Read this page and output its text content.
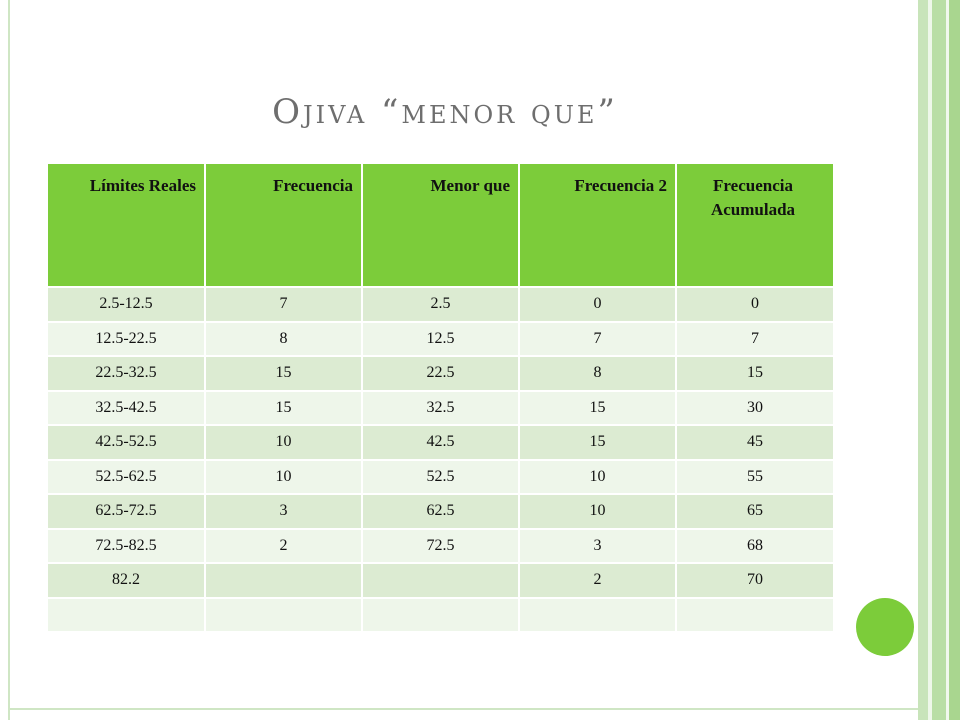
Ojiva “menor que”
Límites Reales	Frecuencia	Menor que	Frecuencia 2	Frecuencia Acumulada
2.5-12.5	7	2.5	0	0
12.5-22.5	8	12.5	7	7
22.5-32.5	15	22.5	8	15
32.5-42.5	15	32.5	15	30
42.5-52.5	10	42.5	15	45
52.5-62.5	10	52.5	10	55
62.5-72.5	3	62.5	10	65
72.5-82.5	2	72.5	3	68
82.2			2	70
